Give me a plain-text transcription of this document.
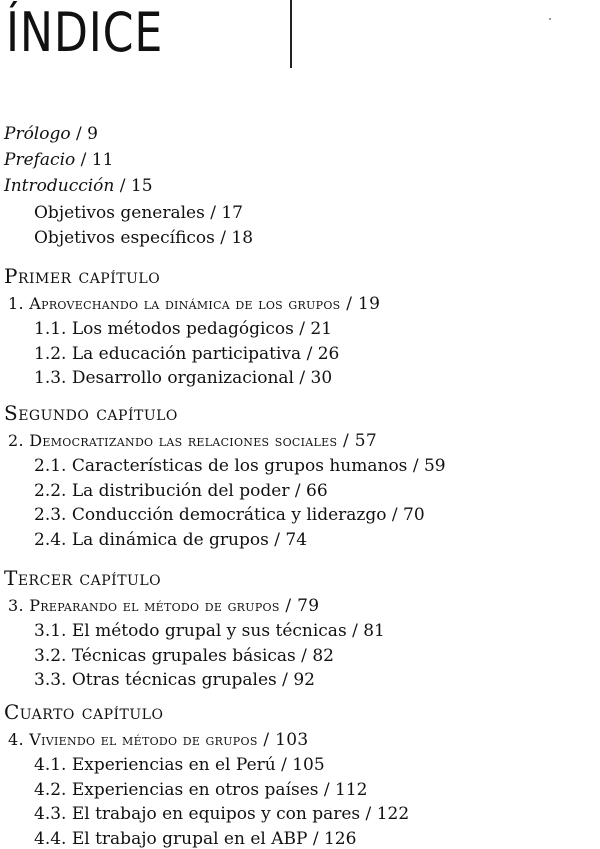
ÍNDICE
Prólogo / 9
Prefacio / 11
Introducción / 15
Objetivos generales / 17
Objetivos específicos / 18
Primer capítulo
1. Aprovechando la dinámica de los grupos / 19
1.1. Los métodos pedagógicos / 21
1.2. La educación participativa / 26
1.3. Desarrollo organizacional / 30
Segundo capítulo
2. Democratizando las relaciones sociales / 57
2.1. Características de los grupos humanos / 59
2.2. La distribución del poder / 66
2.3. Conducción democrática y liderazgo / 70
2.4. La dinámica de grupos / 74
Tercer capítulo
3. Preparando el método de grupos / 79
3.1. El método grupal y sus técnicas / 81
3.2. Técnicas grupales básicas / 82
3.3. Otras técnicas grupales / 92
Cuarto capítulo
4. Viviendo el método de grupos / 103
4.1. Experiencias en el Perú / 105
4.2. Experiencias en otros países / 112
4.3. El trabajo en equipos y con pares / 122
4.4. El trabajo grupal en el ABP / 126
